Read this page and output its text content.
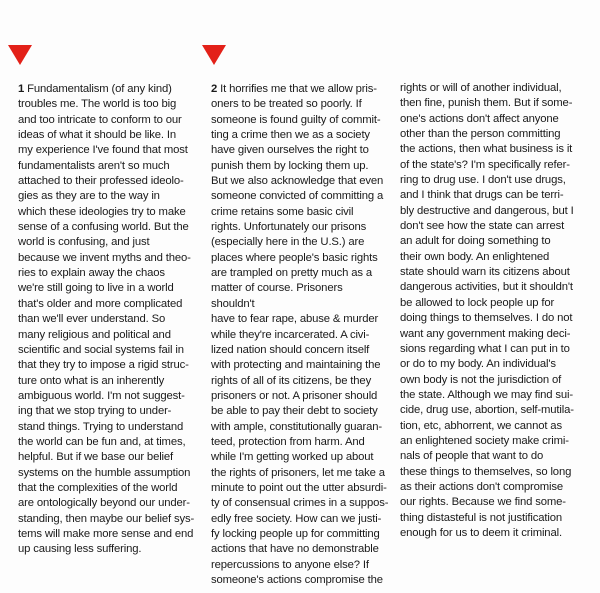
1 Fundamentalism (of any kind)
troubles me. The world is too big
and too intricate to conform to our
ideas of what it should be like. In
my experience I've found that most
fundamentalists aren't so much
attached to their professed ideolo-
gies as they are to the way in
which these ideologies try to make
sense of a confusing world. But the
world is confusing, and just
because we invent myths and theo-
ries to explain away the chaos
we're still going to live in a world
that's older and more complicated
than we'll ever understand. So
many religious and political and
scientific and social systems fail in
that they try to impose a rigid struc-
ture onto what is an inherently
ambiguous world. I'm not suggest-
ing that we stop trying to under-
stand things. Trying to understand
the world can be fun and, at times,
helpful. But if we base our belief
systems on the humble assumption
that the complexities of the world
are ontologically beyond our under-
standing, then maybe our belief sys-
tems will make more sense and end
up causing less suffering.
2 It horrifies me that we allow pris-
oners to be treated so poorly. If
someone is found guilty of commit-
ting a crime then we as a society
have given ourselves the right to
punish them by locking them up.
But we also acknowledge that even
someone convicted of committing a
crime retains some basic civil
rights. Unfortunately our prisons
(especially here in the U.S.) are
places where people's basic rights
are trampled on pretty much as a
matter of course. Prisoners shouldn't
have to fear rape, abuse & murder
while they're incarcerated. A civi-
lized nation should concern itself
with protecting and maintaining the
rights of all of its citizens, be they
prisoners or not. A prisoner should
be able to pay their debt to society
with ample, constitutionally guaran-
teed, protection from harm. And
while I'm getting worked up about
the rights of prisoners, let me take a
minute to point out the utter absurdi-
ty of consensual crimes in a suppos-
edly free society. How can we justi-
fy locking people up for committing
actions that have no demonstrable
repercussions to anyone else? If
someone's actions compromise the
rights or will of another individual,
then fine, punish them. But if some-
one's actions don't affect anyone
other than the person committing
the actions, then what business is it
of the state's? I'm specifically refer-
ring to drug use. I don't use drugs,
and I think that drugs can be terri-
bly destructive and dangerous, but I
don't see how the state can arrest
an adult for doing something to
their own body. An enlightened
state should warn its citizens about
dangerous activities, but it shouldn't
be allowed to lock people up for
doing things to themselves. I do not
want any government making deci-
sions regarding what I can put in to
or do to my body. An individual's
own body is not the jurisdiction of
the state. Although we may find sui-
cide, drug use, abortion, self-mutila-
tion, etc, abhorrent, we cannot as
an enlightened society make crimi-
nals of people that want to do
these things to themselves, so long
as their actions don't compromise
our rights. Because we find some-
thing distasteful is not justification
enough for us to deem it criminal.
